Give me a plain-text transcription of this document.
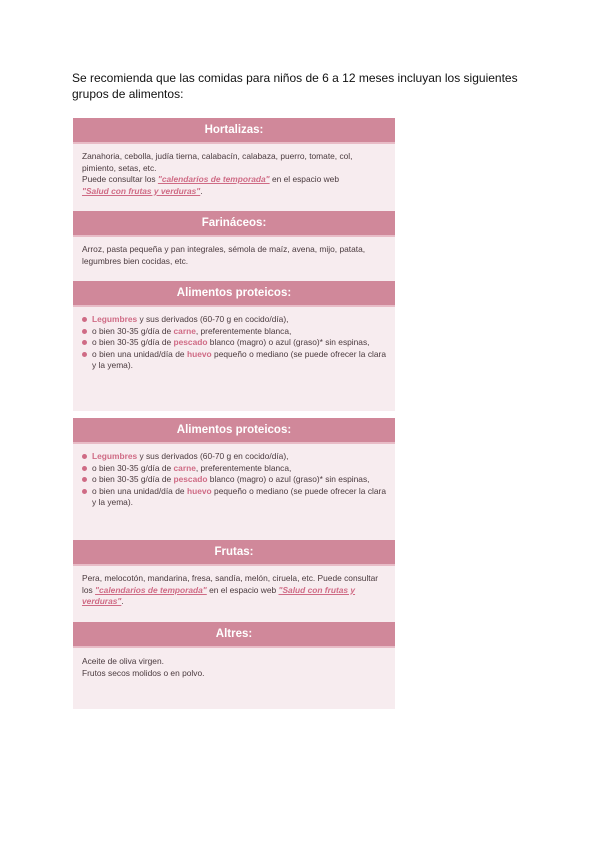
Se recomienda que las comidas para niños de 6 a 12 meses incluyan los siguientes grupos de alimentos:
Hortalizas:
Zanahoria, cebolla, judía tierna, calabacín, calabaza, puerro, tomate, col, pimiento, setas, etc.
Puede consultar los "calendarios de temporada" en el espacio web
"Salud con frutas y verduras".
Farináceos:
Arroz, pasta pequeña y pan integrales, sémola de maíz, avena, mijo, patata, legumbres bien cocidas, etc.
Alimentos proteicos:
Legumbres y sus derivados (60-70 g en cocido/día),
o bien 30-35 g/día de carne, preferentemente blanca,
o bien 30-35 g/día de pescado blanco (magro) o azul (graso)* sin espinas,
o bien una unidad/día de huevo pequeño o mediano (se puede ofrecer la clara y la yema).
Alimentos proteicos:
Legumbres y sus derivados (60-70 g en cocido/día),
o bien 30-35 g/día de carne, preferentemente blanca,
o bien 30-35 g/día de pescado blanco (magro) o azul (graso)* sin espinas,
o bien una unidad/día de huevo pequeño o mediano (se puede ofrecer la clara y la yema).
Frutas:
Pera, melocotón, mandarina, fresa, sandía, melón, ciruela, etc. Puede consultar los "calendarios de temporada" en el espacio web "Salud con frutas y verduras".
Altres:
Aceite de oliva virgen.
Frutos secos molidos o en polvo.
